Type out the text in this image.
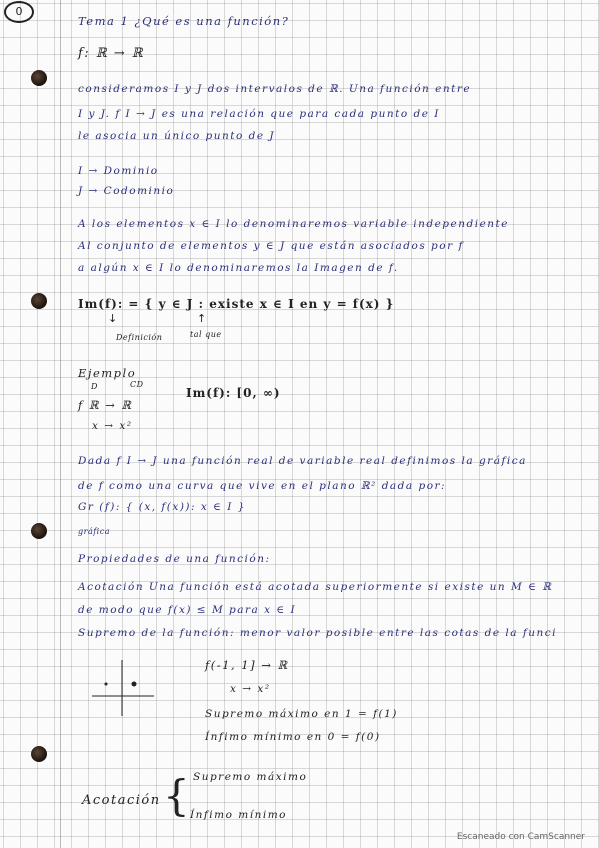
0
Tema 1 ¿Qué es una función?
f: ℝ → ℝ
consideramos I y J dos intervalos de ℝ. Una función entre
I y J. f I → J es una relación que para cada punto de I
le asocia un único punto de J
I → Dominio
J → Codominio
A los elementos x ∈ I lo denominaremos variable independiente
Al conjunto de elementos y ∈ J que están asociados por f
a algún x ∈ I lo denominaremos la Imagen de f.
Im(f): = { y ∈ J : existe x ∈ I en y = f(x) }
↓
Definición
↑
tal que
Ejemplo
D	CD
f ℝ → ℝ
Im(f): [0, ∞)
x → x²
Dada f I → J una función real de variable real definimos la gráfica
de f como una curva que vive en el plano ℝ² dada por:
Gr (f): { (x, f(x)): x ∈ I }
gráfica
Propiedades de una función:
Acotación Una función está acotada superiormente si existe un M ∈ ℝ
de modo que f(x) ≤ M para x ∈ I
Supremo de la función: menor valor posible entre las cotas de la funci
f(-1, 1] → ℝ
x → x²
Supremo máximo en 1 = f(1)
Ínfimo mínimo en 0 = f(0)
Supremo máximo
Acotación { Ínfimo mínimo
Escaneado con CamScanner
